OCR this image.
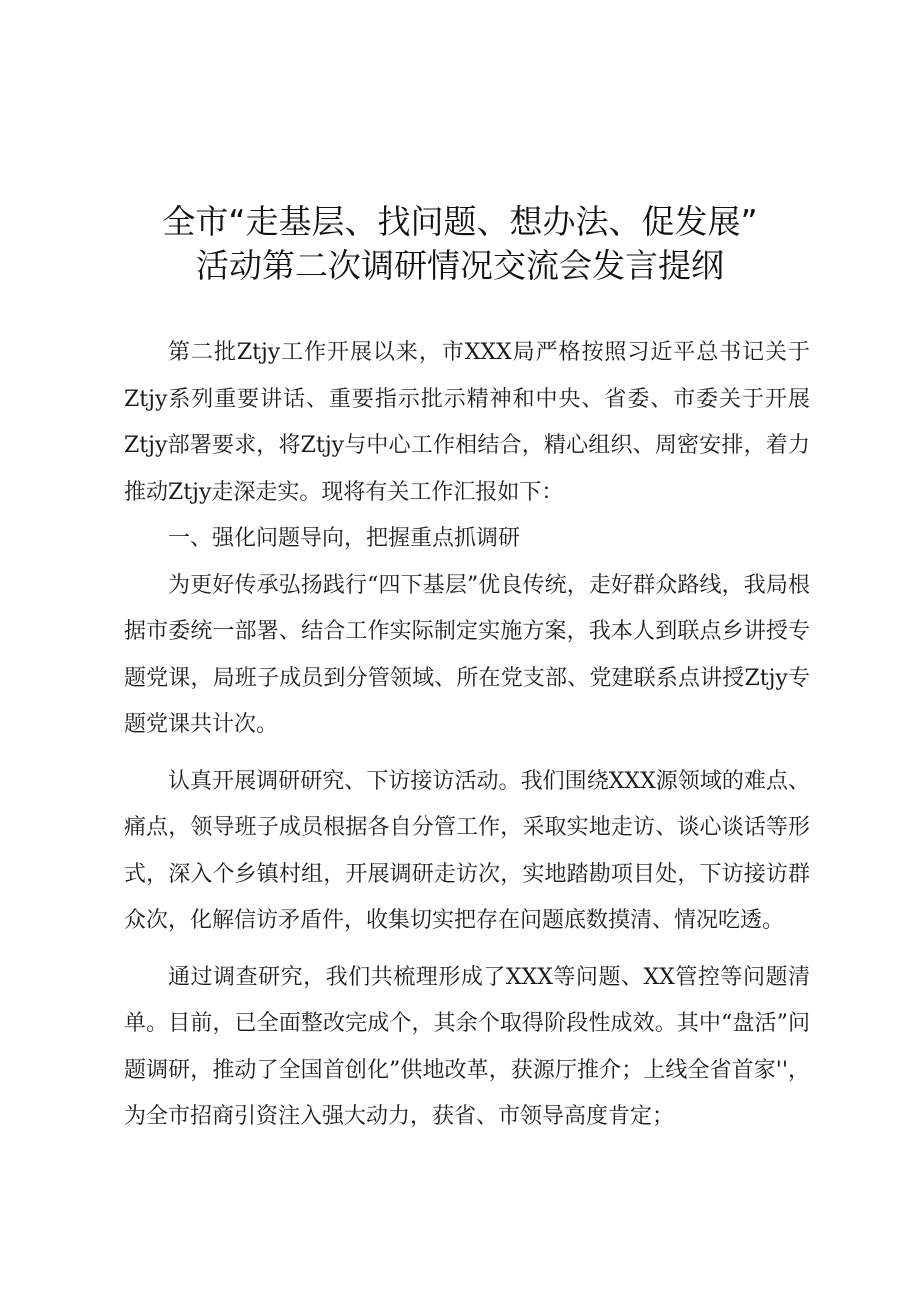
全市“走基层、找问题、想办法、促发展”
活动第二次调研情况交流会发言提纲

第二批Ztjy工作开展以来，市XXX局严格按照习近平总书记关于Ztjy系列重要讲话、重要指示批示精神和中央、省委、市委关于开展Ztjy部署要求，将Ztjy与中心工作相结合，精心组织、周密安排，着力推动Ztjy走深走实。现将有关工作汇报如下：

一、强化问题导向，把握重点抓调研

为更好传承弘扬践行“四下基层”优良传统，走好群众路线，我局根据市委统一部署、结合工作实际制定实施方案，我本人到联点乡讲授专题党课，局班子成员到分管领域、所在党支部、党建联系点讲授Ztjy专题党课共计次。

认真开展调研研究、下访接访活动。我们围绕XXX源领域的难点、痛点，领导班子成员根据各自分管工作，采取实地走访、谈心谈话等形式，深入个乡镇村组，开展调研走访次，实地踏勘项目处，下访接访群众次，化解信访矛盾件，收集切实把存在问题底数摸清、情况吃透。

通过调查研究，我们共梳理形成了XXX等问题、XX管控等问题清单。目前，已全面整改完成个，其余个取得阶段性成效。其中“盘活”问题调研，推动了全国首创化”供地改革，获源厅推介；上线全省首家''，为全市招商引资注入强大动力，获省、市领导高度肯定；
